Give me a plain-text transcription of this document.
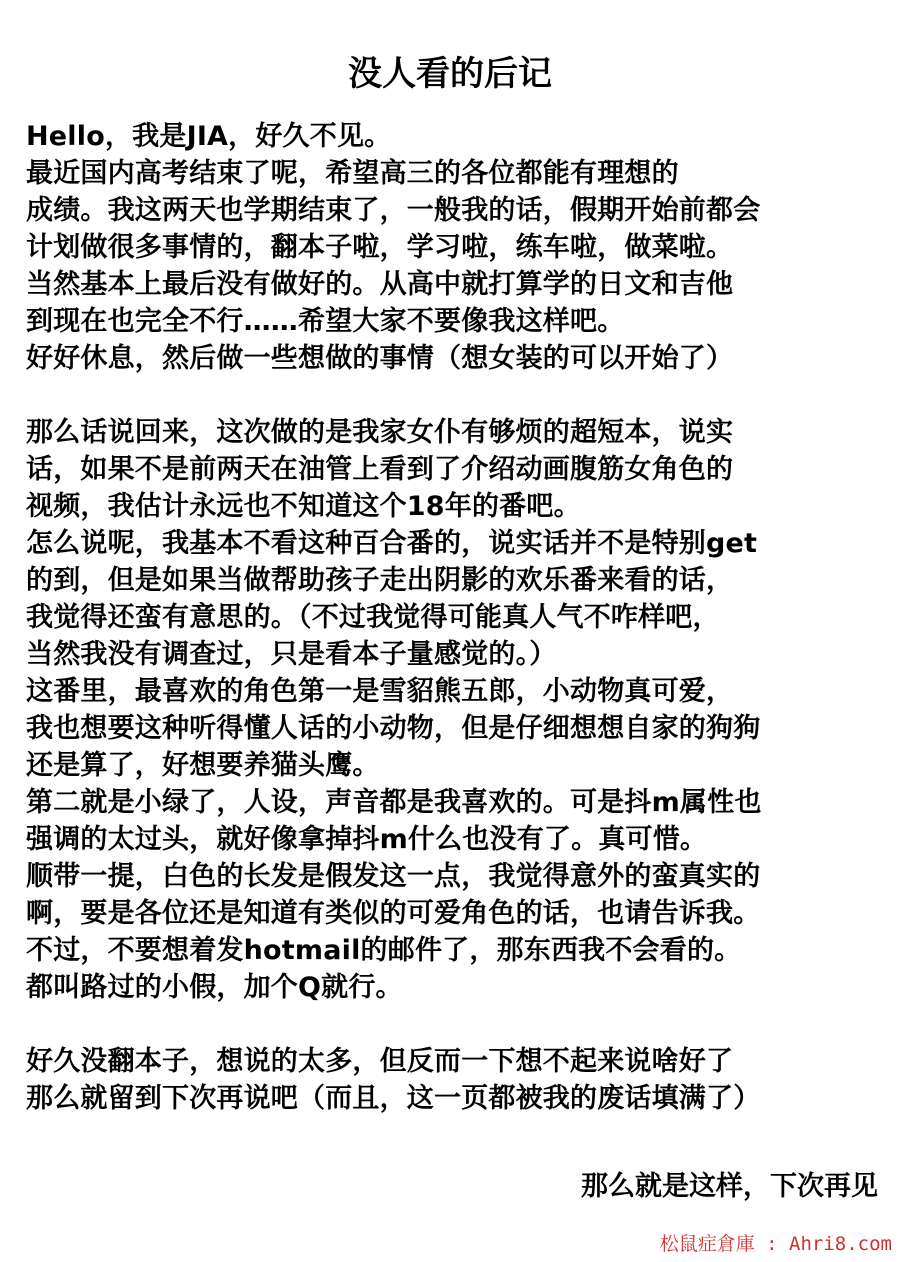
没人看的后记
Hello，我是JIA，好久不见。
最近国内高考结束了呢，希望高三的各位都能有理想的
成绩。我这两天也学期结束了，一般我的话，假期开始前都会
计划做很多事情的，翻本子啦，学习啦，练车啦，做菜啦。
当然基本上最后没有做好的。从高中就打算学的日文和吉他
到现在也完全不行……希望大家不要像我这样吧。
好好休息，然后做一些想做的事情（想女装的可以开始了）
那么话说回来，这次做的是我家女仆有够烦的超短本，说实
话，如果不是前两天在油管上看到了介绍动画腹筋女角色的
视频，我估计永远也不知道这个18年的番吧。
怎么说呢，我基本不看这种百合番的，说实话并不是特别get
的到，但是如果当做帮助孩子走出阴影的欢乐番来看的话，
我觉得还蛮有意思的。（不过我觉得可能真人气不咋样吧，
当然我没有调查过，只是看本子量感觉的。）
这番里，最喜欢的角色第一是雪貂熊五郎，小动物真可爱，
我也想要这种听得懂人话的小动物，但是仔细想想自家的狗狗
还是算了，好想要养猫头鹰。
第二就是小绿了，人设，声音都是我喜欢的。可是抖m属性也
强调的太过头，就好像拿掉抖m什么也没有了。真可惜。
顺带一提，白色的长发是假发这一点，我觉得意外的蛮真实的
啊，要是各位还是知道有类似的可爱角色的话，也请告诉我。
不过，不要想着发hotmail的邮件了，那东西我不会看的。
都叫路过的小假，加个Q就行。
好久没翻本子，想说的太多，但反而一下想不起来说啥好了
那么就留到下次再说吧（而且，这一页都被我的废话填满了）
那么就是这样，下次再见
松鼠症倉庫 : Ahri8.com
